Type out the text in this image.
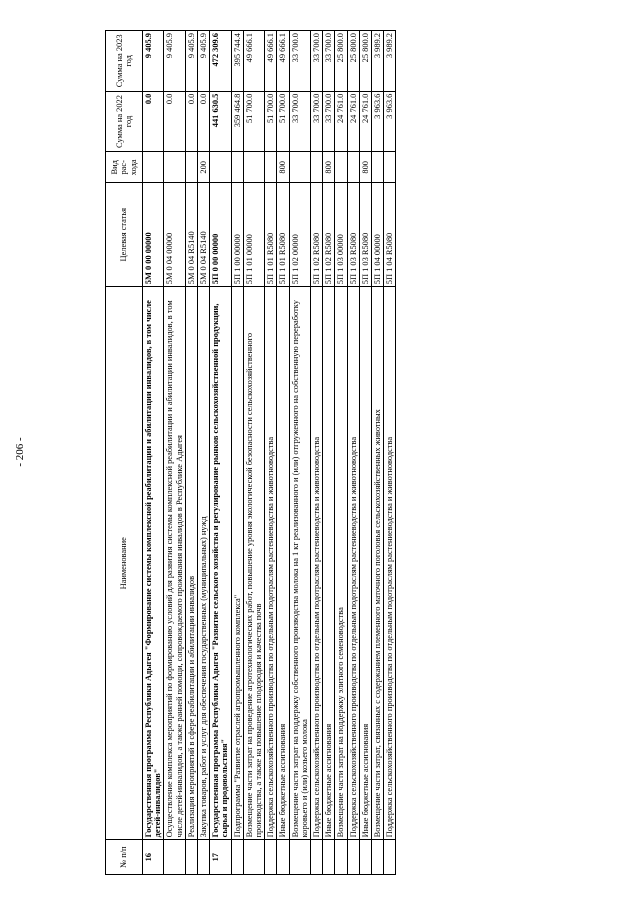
- 206 -
№ п/п	Наименование	Целевая статья	Вид рас-хода	Сумма на 2022 год	Сумма на 2023 год
16	Государственная программа Республики Адыгея "Формирование системы комплексной реабилитации и абилитации инвалидов, в том числе детей-инвалидов"	5М 0 00 00000		0.0	9 405.9
	Осуществление комплекса мероприятий по формированию условий для развития системы комплексной реабилитации и абилитации инвалидов, в том числе детей-инвалидов, а также ранней помощи, сопровождаемого проживания инвалидов в Республике Адыгея	5М 0 04 00000		0.0	9 405.9
	Реализация мероприятий в сфере реабилитации и абилитации инвалидов	5М 0 04 R5140		0.0	9 405.9
	Закупка товаров, работ и услуг для обеспечения государственных (муниципальных) нужд	5М 0 04 R5140	200	0.0	9 405.9
17	Государственная программа Республики Адыгея "Развитие сельского хозяйства и регулирование рынков сельскохозяйственной продукции, сырья и продовольствия"	5П 0 00 00000		441 630.5	472 309.6
	Подпрограмма "Развитие отраслей агропромышленного комплекса"	5П 1 00 00000		359 464.8	395 744.4
	Возмещение части затрат на проведение агротехнологических работ, повышение уровня экологической безопасности сельскохозяйственного производства, а также на повышение плодородия и качества почв	5П 1 01 00000		51 700.0	49 666.1
	Поддержка сельскохозяйственного производства по отдельным подотраслям растениеводства и животноводства	5П 1 01 R5080		51 700.0	49 666.1
	Иные бюджетные ассигнования	5П 1 01 R5080	800	51 700.0	49 666.1
	Возмещение части затрат на поддержку собственного производства молока на 1 кг реализованного и (или) отгруженного на собственную переработку коровьего и (или) козьего молока	5П 1 02 00000		33 700.0	33 700.0
	Поддержка сельскохозяйственного производства по отдельным подотраслям растениеводства и животноводства	5П 1 02 R5080		33 700.0	33 700.0
	Иные бюджетные ассигнования	5П 1 02 R5080	800	33 700.0	33 700.0
	Возмещение части затрат на поддержку элитного семеноводства	5П 1 03 00000		24 761.0	25 800.0
	Поддержка сельскохозяйственного производства по отдельным подотраслям растениеводства и животноводства	5П 1 03 R5080		24 761.0	25 800.0
	Иные бюджетные ассигнования	5П 1 03 R5080	800	24 761.0	25 800.0
	Возмещение части затрат, связанных с содержанием племенного маточного поголовья сельскохозяйственных животных	5П 1 04 00000		3 963.6	3 989.2
	Поддержка сельскохозяйственного производства по отдельным подотраслям растениеводства и животноводства	5П 1 04 R5080		3 963.6	3 989.2
